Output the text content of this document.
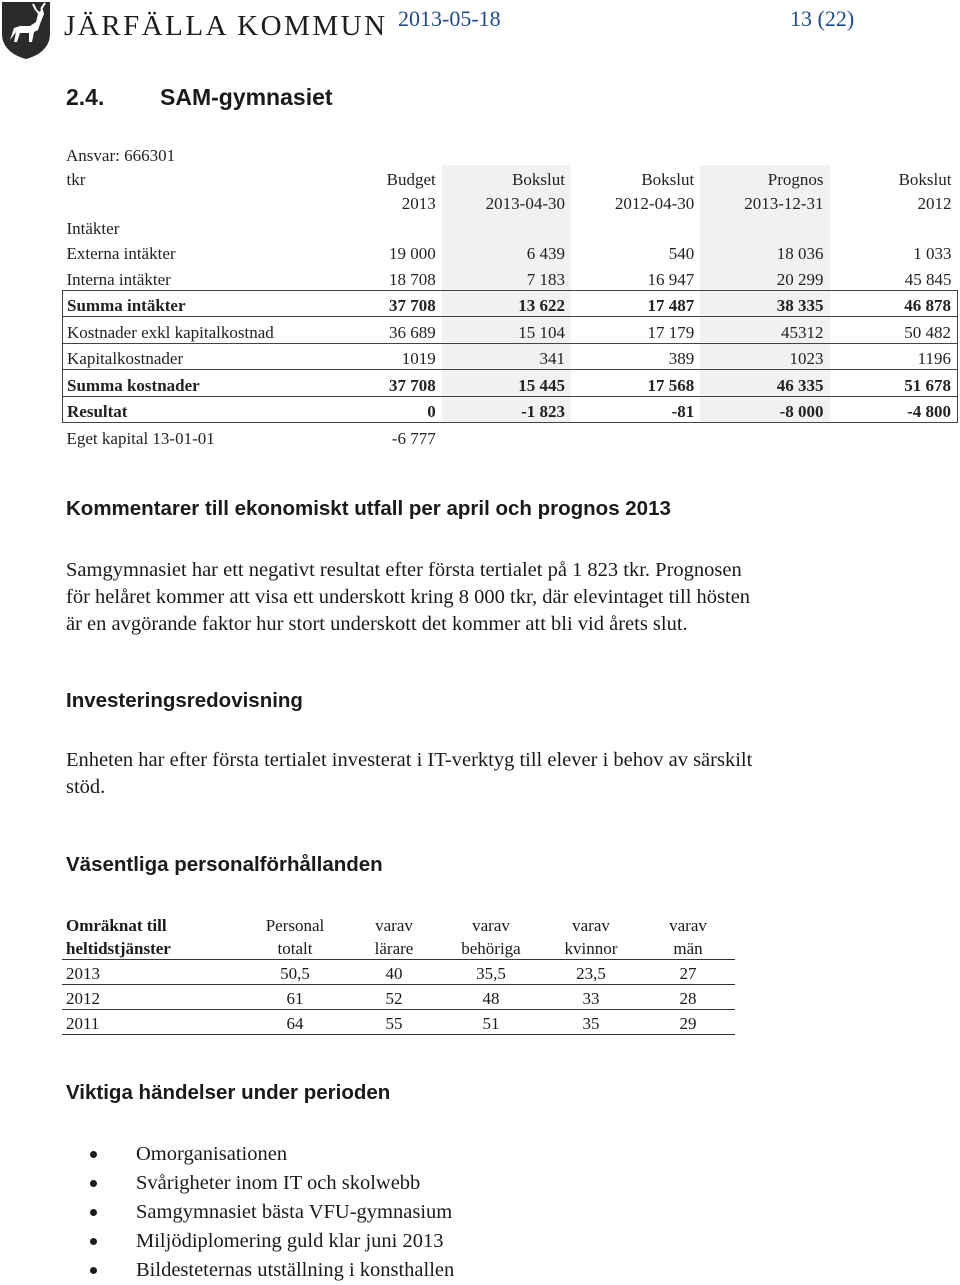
JÄRFÄLLA KOMMUN 2013-05-18	13 (22)
2.4. SAM-gymnasiet
Ansvar: 666301
tkr	Budget	Bokslut	Bokslut	Prognos	Bokslut
	2013	2013-04-30	2012-04-30	2013-12-31	2012
Intäkter					
Externa intäkter	19 000	6 439	540	18 036	1 033
Interna intäkter	18 708	7 183	16 947	20 299	45 845
Summa intäkter	37 708	13 622	17 487	38 335	46 878
Kostnader exkl kapitalkostnad	36 689	15 104	17 179	45312	50 482
Kapitalkostnader	1019	341	389	1023	1196
Summa kostnader	37 708	15 445	17 568	46 335	51 678
Resultat	0	-1 823	-81	-8 000	-4 800
Eget kapital 13-01-01	-6 777				
Kommentarer till ekonomiskt utfall per april och prognos 2013
Samgymnasiet har ett negativt resultat efter första tertialet på 1 823 tkr. Prognosen
för helåret kommer att visa ett underskott kring 8 000 tkr, där elevintaget till hösten
är en avgörande faktor hur stort underskott det kommer att bli vid årets slut.
Investeringsredovisning
Enheten har efter första tertialet investerat i IT-verktyg till elever i behov av särskilt
stöd.
Väsentliga personalförhållanden
Omräknat till	Personal	varav	varav	varav	varav
heltidstjänster	totalt	lärare	behöriga	kvinnor	män
2013	50,5	40	35,5	23,5	27
2012	61	52	48	33	28
2011	64	55	51	35	29
Viktiga händelser under perioden
Omorganisationen
Svårigheter inom IT och skolwebb
Samgymnasiet bästa VFU-gymnasium
Miljödiplomering guld klar juni 2013
Bildesteternas utställning i konsthallen
